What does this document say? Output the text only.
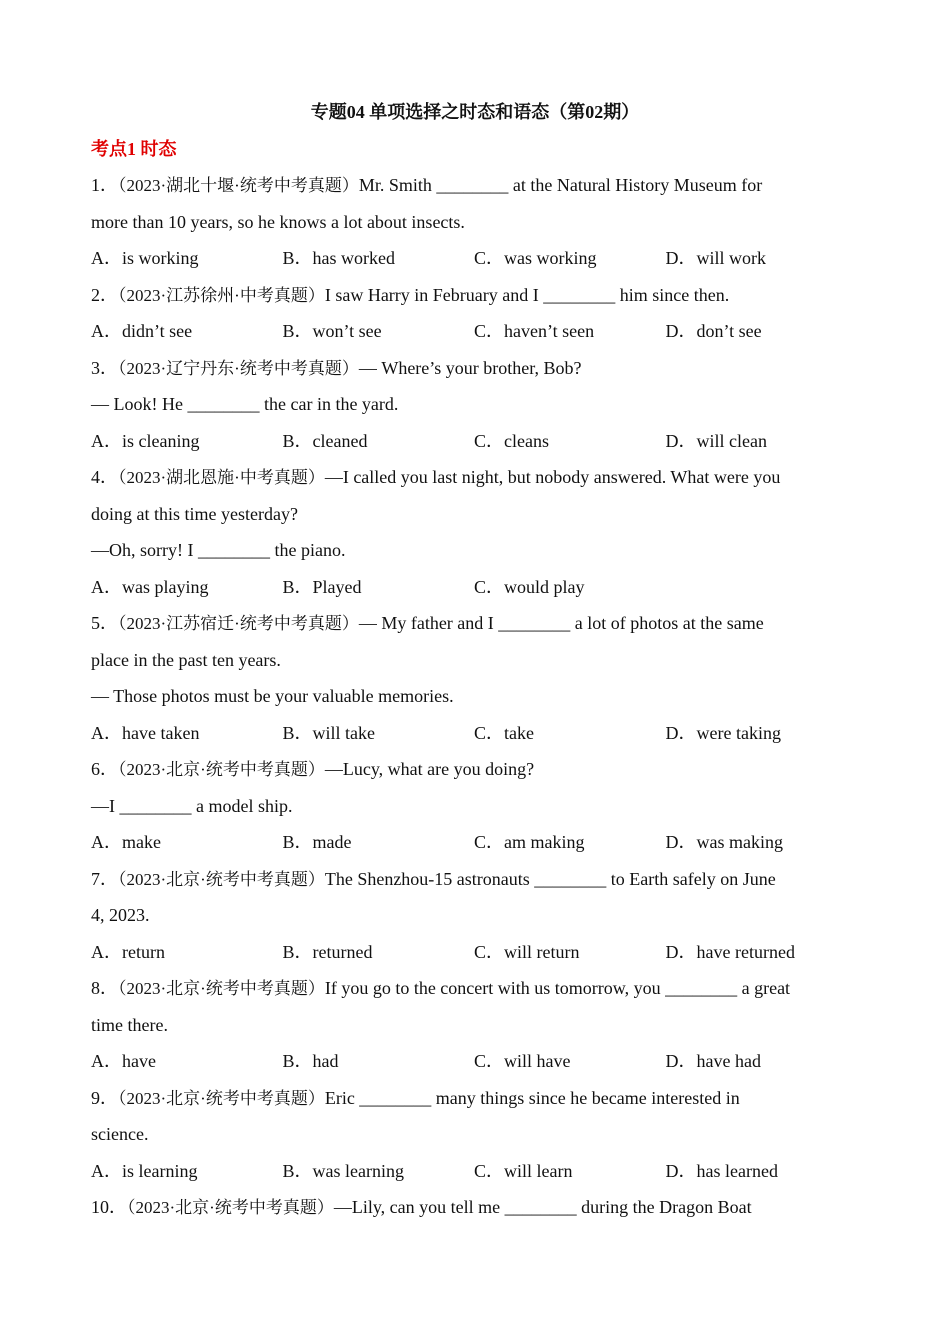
专题04 单项选择之时态和语态（第02期）
考点1 时态
1．（2023·湖北十堰·统考中考真题）Mr. Smith ________ at the Natural History Museum for
more than 10 years, so he knows a lot about insects.
A．is working	B．has worked	C．was working	D．will work
2．（2023·江苏徐州·中考真题）I saw Harry in February and I ________ him since then.
A．didn’t see	B．won’t see	C．haven’t seen	D．don’t see
3．（2023·辽宁丹东·统考中考真题）— Where’s your brother, Bob?
— Look! He ________ the car in the yard.
A．is cleaning	B．cleaned	C．cleans	D．will clean
4．（2023·湖北恩施·中考真题）—I called you last night, but nobody answered. What were you
doing at this time yesterday?
—Oh, sorry! I ________ the piano.
A．was playing	B．Played	C．would play
5．（2023·江苏宿迁·统考中考真题）— My father and I ________ a lot of photos at the same
place in the past ten years.
— Those photos must be your valuable memories.
A．have taken	B．will take	C．take	D．were taking
6．（2023·北京·统考中考真题）—Lucy, what are you doing?
—I ________ a model ship.
A．make	B．made	C．am making	D．was making
7．（2023·北京·统考中考真题）The Shenzhou-15 astronauts ________ to Earth safely on June
4, 2023.
A．return	B．returned	C．will return	D．have returned
8．（2023·北京·统考中考真题）If you go to the concert with us tomorrow, you ________ a great
time there.
A．have	B．had	C．will have	D．have had
9．（2023·北京·统考中考真题）Eric ________ many things since he became interested in
science.
A．is learning	B．was learning	C．will learn	D．has learned
10．（2023·北京·统考中考真题）—Lily, can you tell me ________ during the Dragon Boat
